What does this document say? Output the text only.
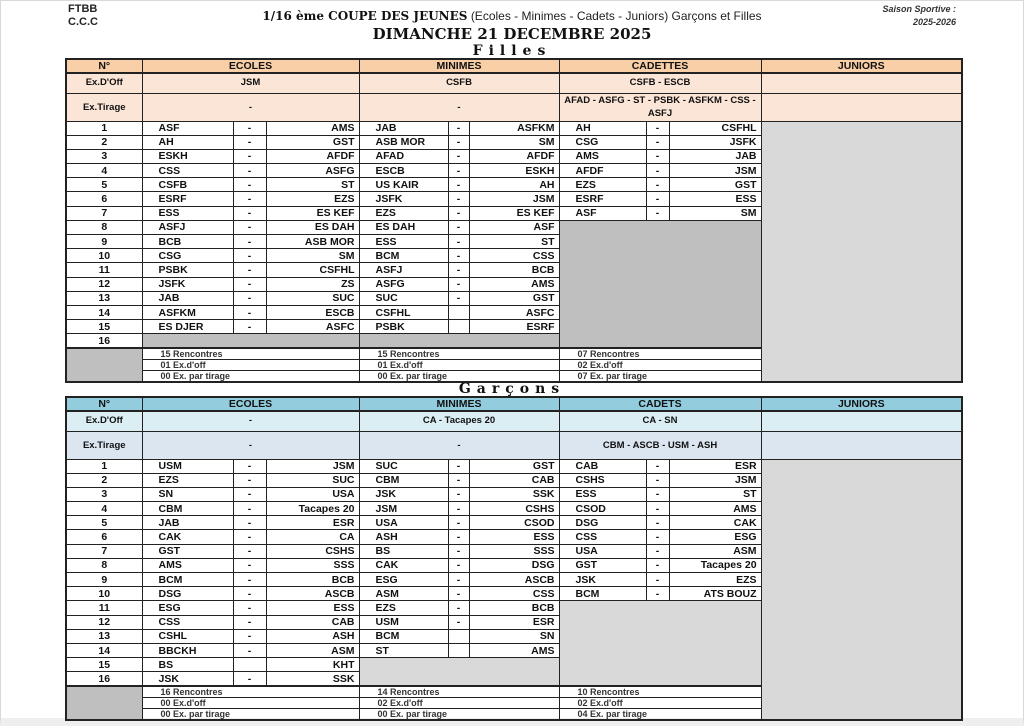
FTBB
C.C.C	1/16 ème COUPE DES JEUNES (Ecoles - Minimes - Cadets - Juniors) Garçons et Filles
DIMANCHE 21 DECEMBRE 2025
Saison Sportive :
2025-2026
Filles
N°	ECOLES			MINIMES			CADETTES			JUNIORS
Ex.D'Off	JSM			CSFB			CSFB - ESCB			
Ex.Tirage	-			-			AFAD - ASFG - ST - PSBK - ASFKM - CSS - ASFJ			
1	ASF	-	AMS	JAB	-	ASFKM	AH	-	CSFHL	
2	AH	-	GST	ASB MOR	-	SM	CSG	-	JSFK	
3	ESKH	-	AFDF	AFAD	-	AFDF	AMS	-	JAB	
4	CSS	-	ASFG	ESCB	-	ESKH	AFDF	-	JSM	
5	CSFB	-	ST	US KAIR	-	AH	EZS	-	GST	
6	ESRF	-	EZS	JSFK	-	JSM	ESRF	-	ESS	
7	ESS	-	ES KEF	EZS	-	ES KEF	ASF	-	SM	
8	ASFJ	-	ES DAH	ES DAH	-	ASF				
9	BCB	-	ASB MOR	ESS	-	ST				
10	CSG	-	SM	BCM	-	CSS				
11	PSBK	-	CSFHL	ASFJ	-	BCB				
12	JSFK	-	ZS	ASFG	-	AMS				
13	JAB	-	SUC	SUC	-	GST				
14	ASFKM	-	ESCB	CSFHL		ASFC				
15	ES DJER	-	ASFC	PSBK		ESRF				
16										
	15 Rencontres			15 Rencontres			07 Rencontres			
	01 Ex.d'off			01 Ex.d'off			02 Ex.d'off			
	00 Ex. par tirage			00 Ex. par tirage			07 Ex. par tirage			
Garçons
N°	ECOLES			MINIMES			CADETS			JUNIORS
Ex.D'Off	-			CA - Tacapes 20			CA - SN			
Ex.Tirage	-			-			CBM - ASCB - USM - ASH			
1	USM	-	JSM	SUC	-	GST	CAB	-	ESR	
2	EZS	-	SUC	CBM	-	CAB	CSHS	-	JSM	
3	SN	-	USA	JSK	-	SSK	ESS	-	ST	
4	CBM	-	Tacapes 20	JSM	-	CSHS	CSOD	-	AMS	
5	JAB	-	ESR	USA	-	CSOD	DSG	-	CAK	
6	CAK	-	CA	ASH	-	ESS	CSS	-	ESG	
7	GST	-	CSHS	BS	-	SSS	USA	-	ASM	
8	AMS	-	SSS	CAK	-	DSG	GST	-	Tacapes 20	
9	BCM	-	BCB	ESG	-	ASCB	JSK	-	EZS	
10	DSG	-	ASCB	ASM	-	CSS	BCM	-	ATS BOUZ	
11	ESG	-	ESS	EZS	-	BCB				
12	CSS	-	CAB	USM	-	ESR				
13	CSHL	-	ASH	BCM		SN				
14	BBCKH	-	ASM	ST		AMS				
15	BS		KHT							
16	JSK	-	SSK							
	16 Rencontres			14 Rencontres			10 Rencontres			
	00 Ex.d'off			02 Ex.d'off			02 Ex.d'off			
	00 Ex. par tirage			00 Ex. par tirage			04 Ex. par tirage			
